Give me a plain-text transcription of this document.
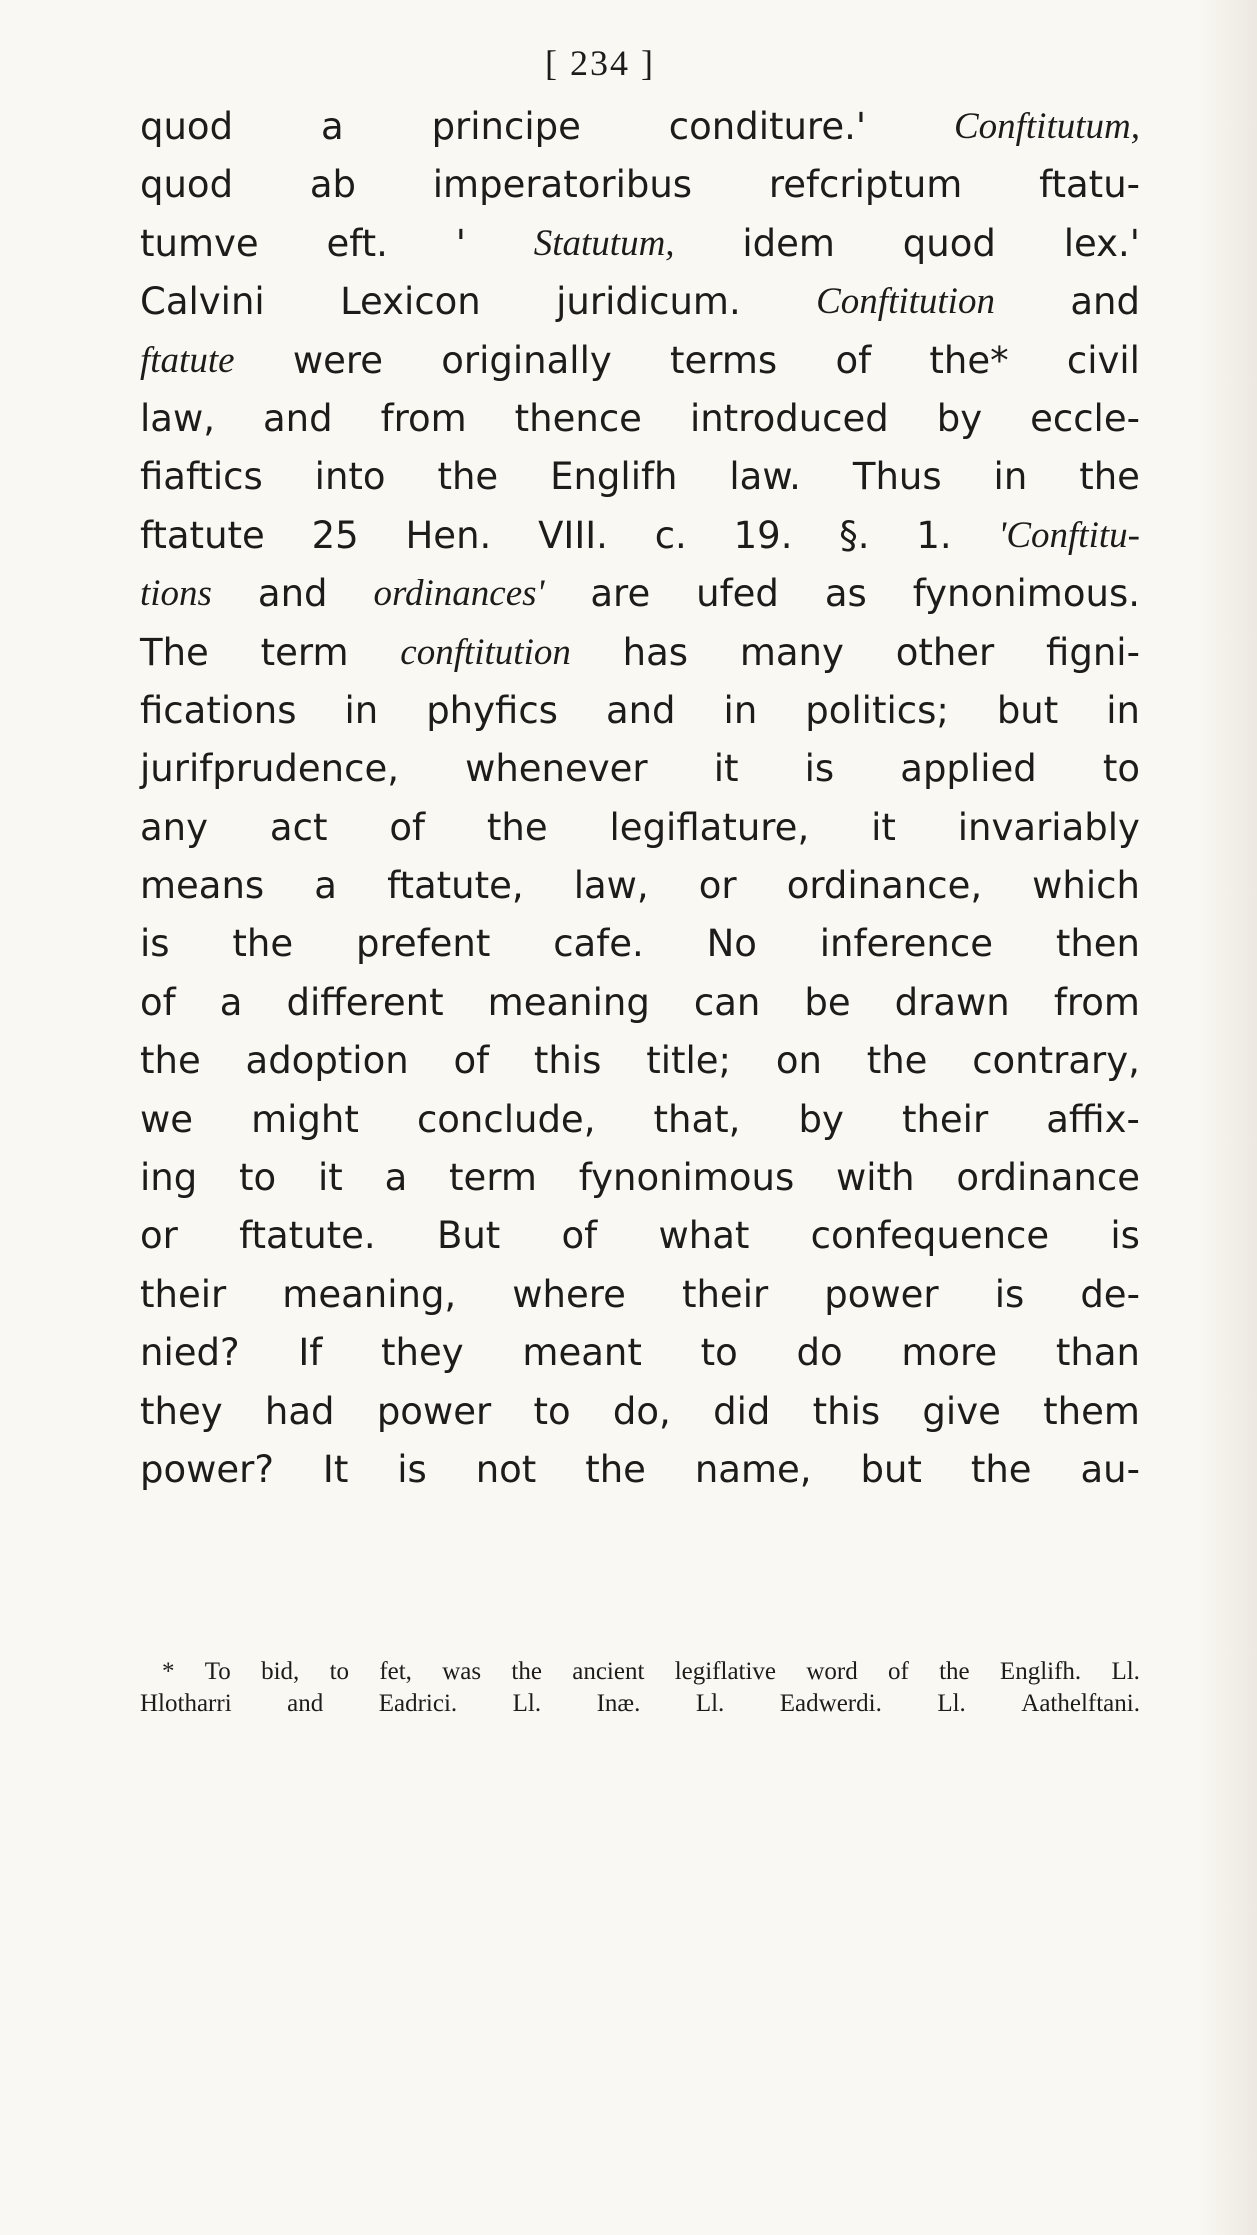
[ 234 ]
quod a principe conditure.' Conftitutum,
quod ab imperatoribus refcriptum ftatu-
tumve eft. ' Statutum, idem quod lex.'
Calvini Lexicon juridicum. Conftitution and
ftatute were originally terms of the* civil
law, and from thence introduced by eccle-
fiaftics into the Englifh law. Thus in the
ftatute 25 Hen. VIII. c. 19. §. 1. 'Conftitu-
tions and ordinances' are ufed as fynonimous.
The term conftitution has many other figni-
fications in phyfics and in politics; but in
jurifprudence, whenever it is applied to
any act of the legiflature, it invariably
means a ftatute, law, or ordinance, which
is the prefent cafe. No inference then
of a different meaning can be drawn from
the adoption of this title; on the contrary,
we might conclude, that, by their affix-
ing to it a term fynonimous with ordinance
or ftatute. But of what confequence is
their meaning, where their power is de-
nied? If they meant to do more than
they had power to do, did this give them
power? It is not the name, but the au-
* To bid, to fet, was the ancient legiflative word of the Englifh. Ll.
Hlotharri and Eadrici. Ll. Inæ. Ll. Eadwerdi. Ll. Aathelftani.
